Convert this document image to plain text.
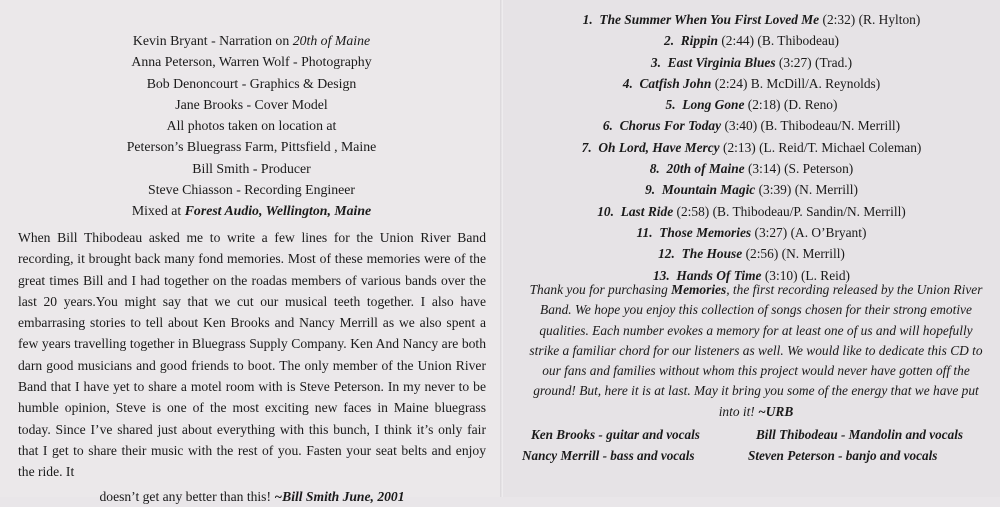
Kevin Bryant - Narration on 20th of Maine
Anna Peterson, Warren Wolf - Photography
Bob Denoncourt - Graphics & Design
Jane Brooks - Cover Model
All photos taken on location at
Peterson’s Bluegrass Farm, Pittsfield , Maine
Bill Smith - Producer
Steve Chiasson - Recording Engineer
Mixed at Forest Audio, Wellington, Maine
When Bill Thibodeau asked me to write a few lines for the Union River Band recording, it brought back many fond memories. Most of these memories were of the great times Bill and I had together on the roadas members of various bands over the last 20 years.You might say that we cut our musical teeth together. I also have embarrasing stories to tell about Ken Brooks and Nancy Merrill as we also spent a few years travelling together in Bluegrass Supply Company. Ken And Nancy are both darn good musicians and good friends to boot. The only member of the Union River Band that I have yet to share a motel room with is Steve Peterson. In my never to be humble opinion, Steve is one of the most exciting new faces in Maine bluegrass today. Since I’ve shared just about everything with this bunch, I think it’s only fair that I get to share their music with the rest of you. Fasten your seat belts and enjoy the ride. It
doesn’t get any better than this! ~Bill Smith June, 2001
1. The Summer When You First Loved Me (2:32) (R. Hylton)
2. Rippin (2:44) (B. Thibodeau)
3. East Virginia Blues (3:27) (Trad.)
4. Catfish John (2:24) B. McDill/A. Reynolds)
5. Long Gone (2:18) (D. Reno)
6. Chorus For Today (3:40) (B. Thibodeau/N. Merrill)
7. Oh Lord, Have Mercy (2:13) (L. Reid/T. Michael Coleman)
8. 20th of Maine (3:14) (S. Peterson)
9. Mountain Magic (3:39) (N. Merrill)
10. Last Ride (2:58) (B. Thibodeau/P. Sandin/N. Merrill)
11. Those Memories (3:27) (A. O’Bryant)
12. The House (2:56) (N. Merrill)
13. Hands Of Time (3:10) (L. Reid)
Thank you for purchasing Memories, the first recording released by the Union River Band. We hope you enjoy this collection of songs chosen for their strong emotive qualities. Each number evokes a memory for at least one of us and will hopefully strike a familiar chord for our listeners as well. We would like to dedicate this CD to our fans and families without whom this project would never have gotten off the ground! But, here it is at last. May it bring you some of the energy that we have put into it! ~URB
Ken Brooks - guitar and vocals	Bill Thibodeau - Mandolin and vocals
Nancy Merrill - bass and vocals	Steven Peterson - banjo and vocals
